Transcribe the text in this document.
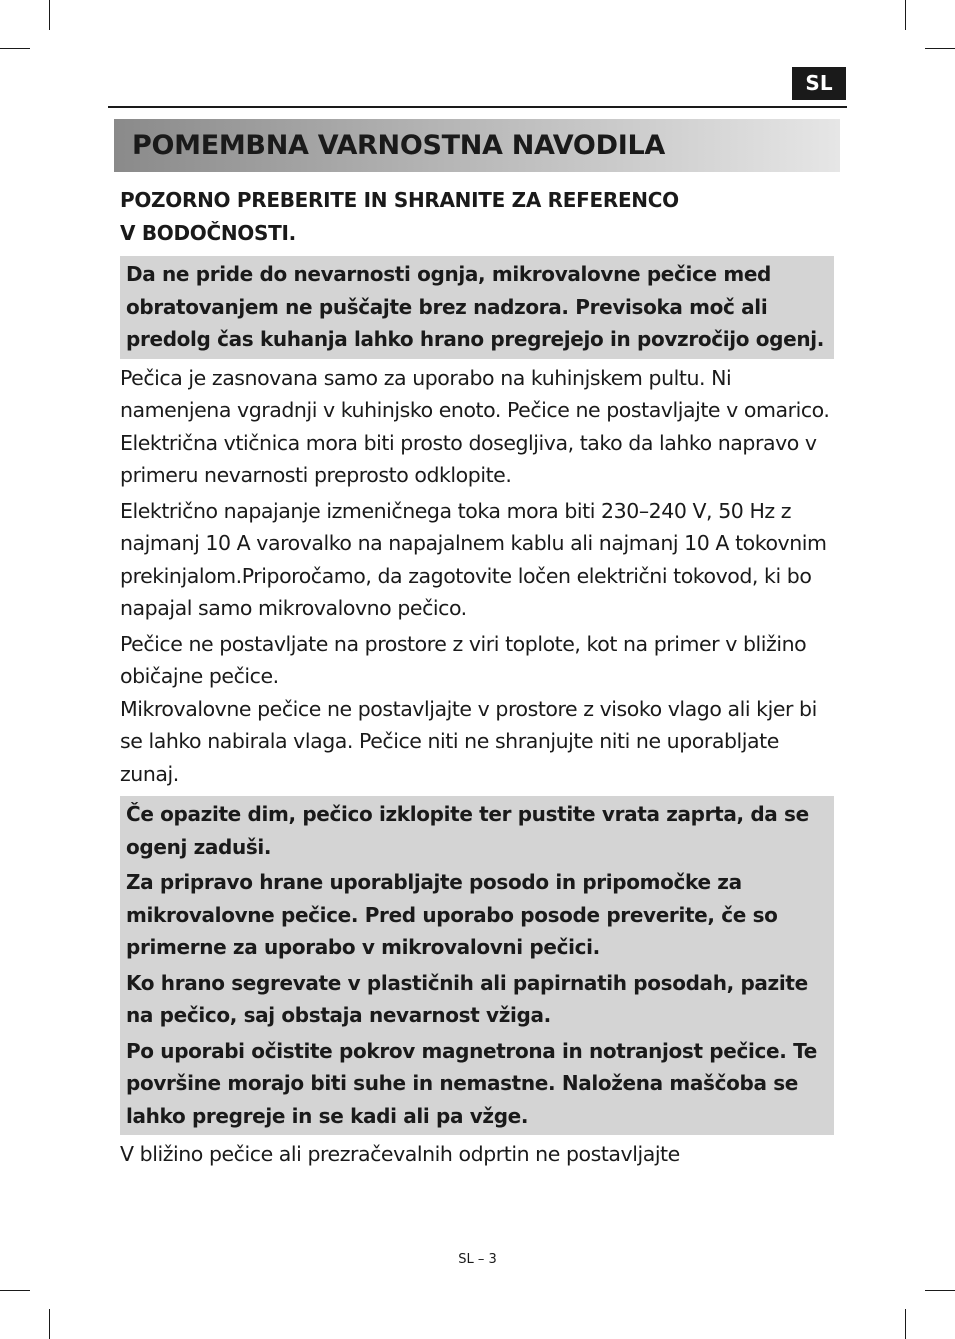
SL
POMEMBNA VARNOSTNA NAVODILA
POZORNO PREBERITE IN SHRANITE ZA REFERENCO
V BODOČNOSTI.

Da ne pride do nevarnosti ognja, mikrovalovne pečice med obratovanjem ne puščajte brez nadzora. Previsoka moč ali predolg čas kuhanja lahko hrano pregrejejo in povzročijo ogenj.

Pečica je zasnovana samo za uporabo na kuhinjskem pultu. Ni namenjena vgradnji v kuhinjsko enoto. Pečice ne postavljajte v omarico. Električna vtičnica mora biti prosto dosegljiva, tako da lahko napravo v primeru nevarnosti preprosto odklopite.

Električno napajanje izmeničnega toka mora biti 230–240 V, 50 Hz z najmanj 10 A varovalko na napajalnem kablu ali najmanj 10 A tokovnim prekinjalom.Priporočamo, da zagotovite ločen električni tokovod, ki bo napajal samo mikrovalovno pečico.

Pečice ne postavljate na prostore z viri toplote, kot na primer v bližino običajne pečice.

Mikrovalovne pečice ne postavljajte v prostore z visoko vlago ali kjer bi se lahko nabirala vlaga. Pečice niti ne shranjujte niti ne uporabljate zunaj.

Če opazite dim, pečico izklopite ter pustite vrata zaprta, da se ogenj zaduši.

Za pripravo hrane uporabljajte posodo in pripomočke za mikrovalovne pečice. Pred uporabo posode preverite, če so primerne za uporabo v mikrovalovni pečici.

Ko hrano segrevate v plastičnih ali papirnatih posodah, pazite na pečico, saj obstaja nevarnost vžiga.

Po uporabi očistite pokrov magnetrona in notranjost pečice. Te površine morajo biti suhe in nemastne. Naložena maščoba se lahko pregreje in se kadi ali pa vžge.

V bližino pečice ali prezračevalnih odprtin ne postavljajte

SL – 3
